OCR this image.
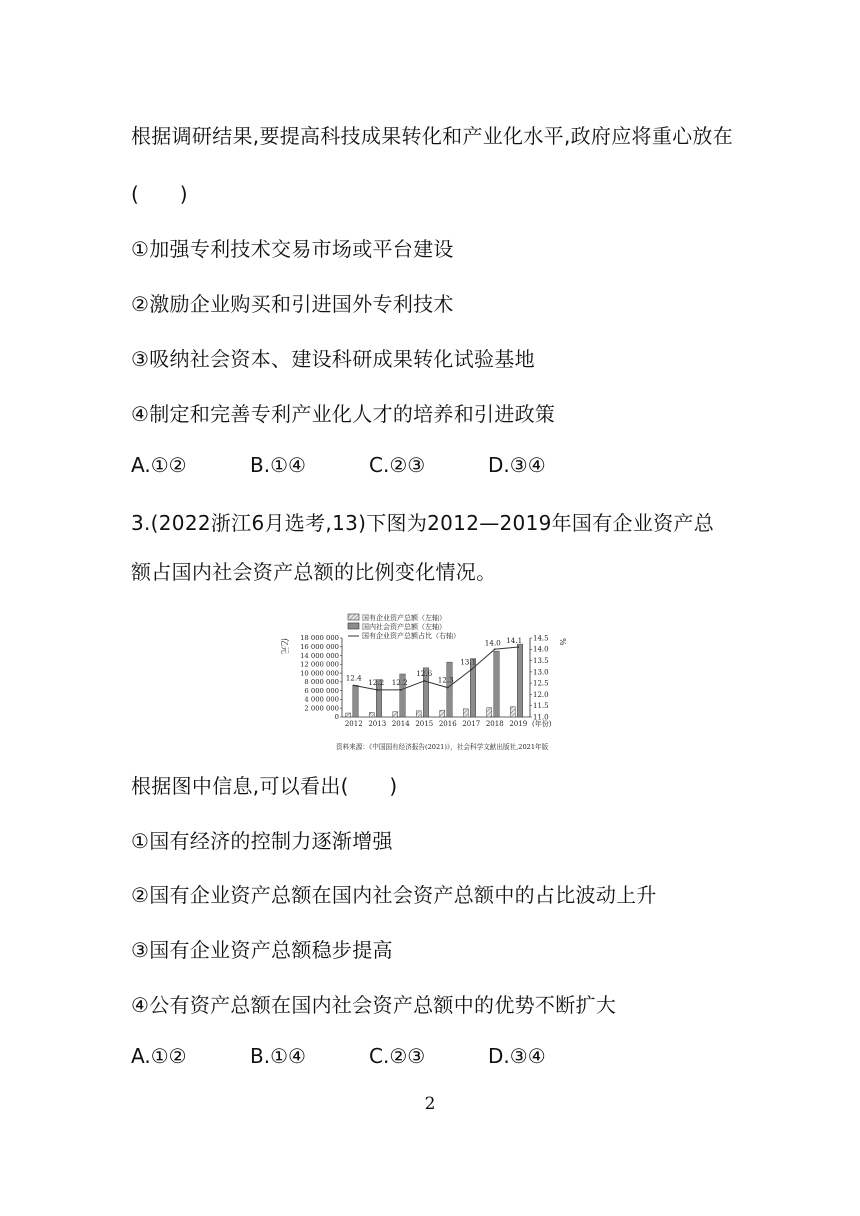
根据调研结果,要提高科技成果转化和产业化水平,政府应将重心放在
(　　)
①加强专利技术交易市场或平台建设
②激励企业购买和引进国外专利技术
③吸纳社会资本、建设科研成果转化试验基地
④制定和完善专利产业化人才的培养和引进政策
A.①②	B.①④	C.②③	D.③④
3.(2022浙江6月选考,13)下图为2012—2019年国有企业资产总
额占国内社会资产总额的比例变化情况。
国有企业资产总额（左轴）
国内社会资产总额（左轴）
国有企业资产总额占比（右轴）
亿元	%
资料来源：《中国国有经济报告(2021)》，社会科学文献出版社,2021年版
0
2 000 000
4 000 000
6 000 000
8 000 000
10 000 000
12 000 000
14 000 000
16 000 000
18 000 000
11.0
11.5
12.0
12.5
13.0
13.5
14.0
14.5
2012 2013 2014 2015 2016 2017 2018 2019 (年份)
12.4
12.2 12.2
12.6
12.3
13.1
14.0 14.1
根据图中信息,可以看出(　　)
①国有经济的控制力逐渐增强
②国有企业资产总额在国内社会资产总额中的占比波动上升
③国有企业资产总额稳步提高
④公有资产总额在国内社会资产总额中的优势不断扩大
A.①②	B.①④	C.②③	D.③④
2
